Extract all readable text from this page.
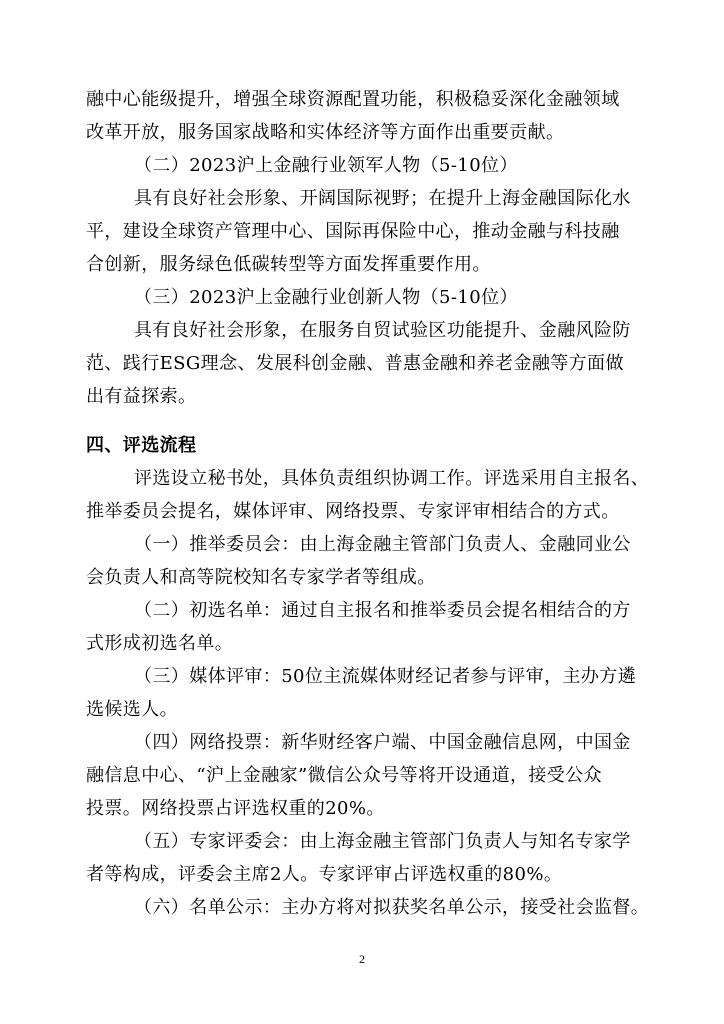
融中心能级提升，增强全球资源配置功能，积极稳妥深化金融领域
改革开放，服务国家战略和实体经济等方面作出重要贡献。
（二）2023沪上金融行业领军人物（5-10位）
具有良好社会形象、开阔国际视野；在提升上海金融国际化水
平，建设全球资产管理中心、国际再保险中心，推动金融与科技融
合创新，服务绿色低碳转型等方面发挥重要作用。
（三）2023沪上金融行业创新人物（5-10位）
具有良好社会形象，在服务自贸试验区功能提升、金融风险防
范、践行ESG理念、发展科创金融、普惠金融和养老金融等方面做
出有益探索。
四、评选流程
评选设立秘书处，具体负责组织协调工作。评选采用自主报名、
推举委员会提名，媒体评审、网络投票、专家评审相结合的方式。
（一）推举委员会：由上海金融主管部门负责人、金融同业公
会负责人和高等院校知名专家学者等组成。
（二）初选名单：通过自主报名和推举委员会提名相结合的方
式形成初选名单。
（三）媒体评审：50位主流媒体财经记者参与评审，主办方遴
选候选人。
（四）网络投票：新华财经客户端、中国金融信息网，中国金
融信息中心、“沪上金融家”微信公众号等将开设通道，接受公众
投票。网络投票占评选权重的20%。
（五）专家评委会：由上海金融主管部门负责人与知名专家学
者等构成，评委会主席2人。专家评审占评选权重的80%。
（六）名单公示：主办方将对拟获奖名单公示，接受社会监督。
2
